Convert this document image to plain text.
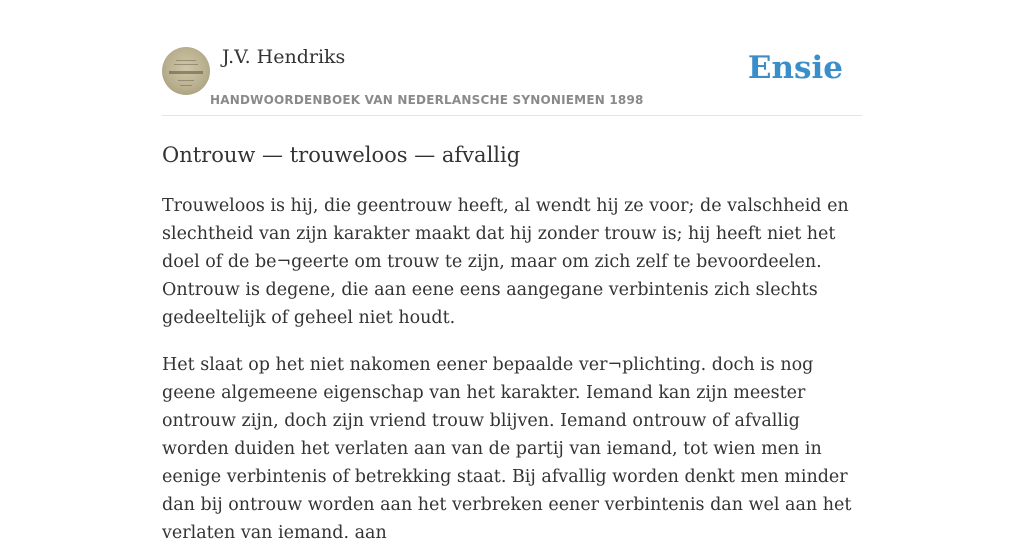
J.V. Hendriks
HANDWOORDENBOEK VAN NEDERLANSCHE SYNONIEMEN 1898
Ensie
Ontrouw — trouweloos — afvallig

Trouweloos is hij, die geentrouw heeft, al wendt hij ze voor; de valschheid en slechtheid van zijn karakter maakt dat hij zonder trouw is; hij heeft niet het doel of de be¬geerte om trouw te zijn, maar om zich zelf te bevoordeelen. Ontrouw is degene, die aan eene eens aangegane verbintenis zich slechts gedeeltelijk of geheel niet houdt.

Het slaat op het niet nakomen eener bepaalde ver¬plichting. doch is nog geene algemeene eigenschap van het karakter. Iemand kan zijn meester ontrouw zijn, doch zijn vriend trouw blijven. Iemand ontrouw of afvallig worden duiden het verlaten aan van de partij van iemand, tot wien men in eenige verbintenis of betrekking staat. Bij afvallig worden denkt men minder dan bij ontrouw worden aan het verbreken eener verbintenis dan wel aan het verlaten van iemand. aan
